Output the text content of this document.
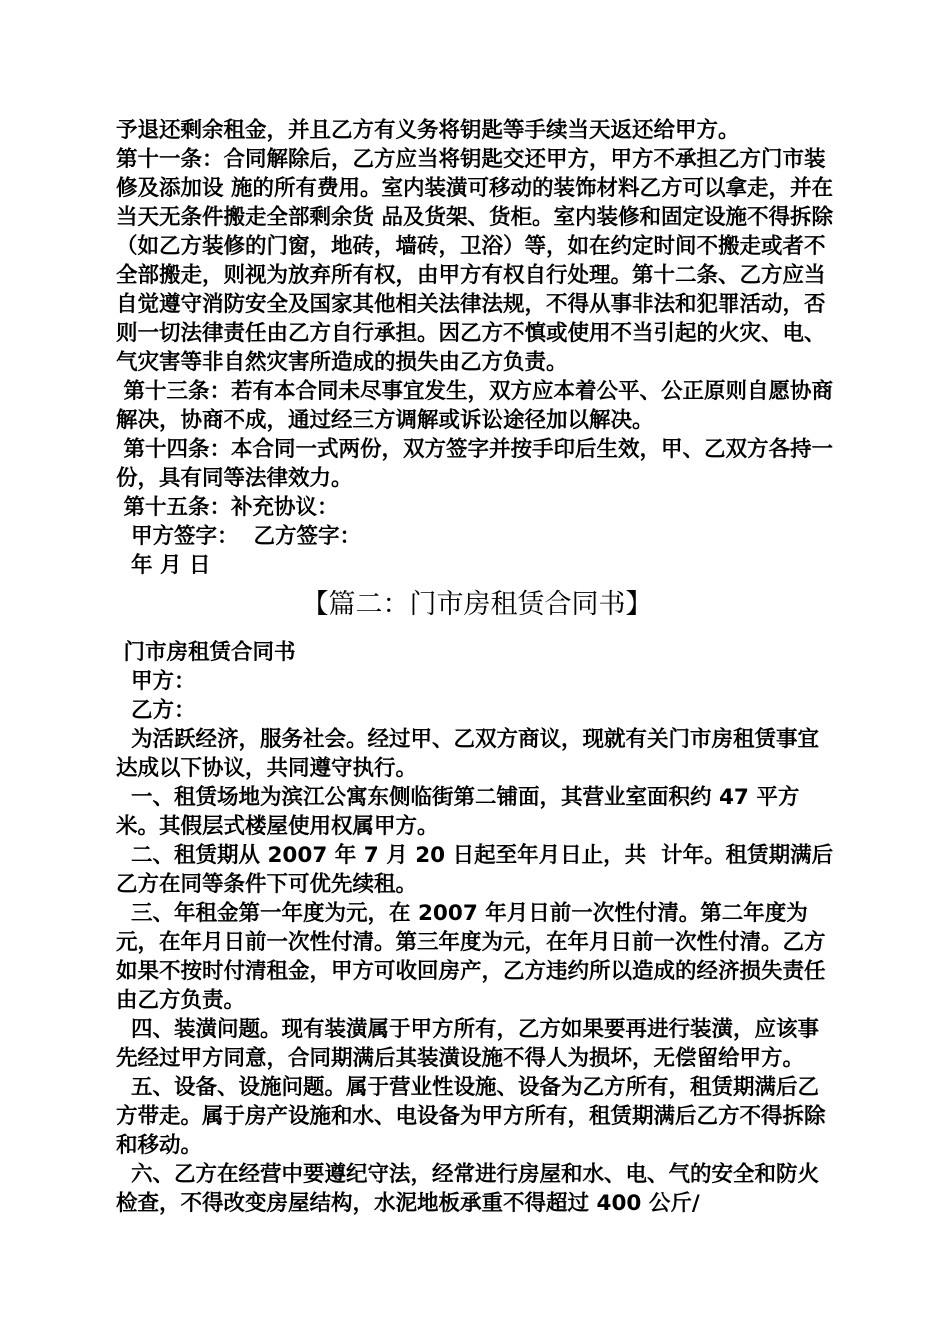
予退还剩余租金，并且乙方有义务将钥匙等手续当天返还给甲方。

第十一条：合同解除后，乙方应当将钥匙交还甲方，甲方不承担乙方门市装修及添加设 施的所有费用。室内装潢可移动的装饰材料乙方可以拿走，并在当天无条件搬走全部剩余货 品及货架、货柜。室内装修和固定设施不得拆除（如乙方装修的门窗，地砖，墙砖，卫浴）等，如在约定时间不搬走或者不全部搬走，则视为放弃所有权，由甲方有权自行处理。第十二条、乙方应当自觉遵守消防安全及国家其他相关法律法规，不得从事非法和犯罪活动，否则一切法律责任由乙方自行承担。因乙方不慎或使用不当引起的火灾、电、气灾害等非自然灾害所造成的损失由乙方负责。

第十三条：若有本合同未尽事宜发生，双方应本着公平、公正原则自愿协商解决，协商不成，通过经三方调解或诉讼途径加以解决。

第十四条：本合同一式两份，双方签字并按手印后生效，甲、乙双方各持一份，具有同等法律效力。

第十五条：补充协议：

甲方签字：  乙方签字：

年 月 日

【篇二：门市房租赁合同书】

门市房租赁合同书

甲方：

乙方：

为活跃经济，服务社会。经过甲、乙双方商议，现就有关门市房租赁事宜达成以下协议，共同遵守执行。

一、租赁场地为滨江公寓东侧临街第二铺面，其营业室面积约 47 平方米。其假层式楼屋使用权属甲方。

二、租赁期从 2007 年 7 月 20 日起至年月日止，共  计年。租赁期满后乙方在同等条件下可优先续租。

三、年租金第一年度为元，在 2007 年月日前一次性付清。第二年度为元，在年月日前一次性付清。第三年度为元，在年月日前一次性付清。乙方如果不按时付清租金，甲方可收回房产，乙方违约所以造成的经济损失责任由乙方负责。

四、装潢问题。现有装潢属于甲方所有，乙方如果要再进行装潢，应该事先经过甲方同意，合同期满后其装潢设施不得人为损坏，无偿留给甲方。

五、设备、设施问题。属于营业性设施、设备为乙方所有，租赁期满后乙方带走。属于房产设施和水、电设备为甲方所有，租赁期满后乙方不得拆除和移动。

六、乙方在经营中要遵纪守法，经常进行房屋和水、电、气的安全和防火检查，不得改变房屋结构，水泥地板承重不得超过 400 公斤/
